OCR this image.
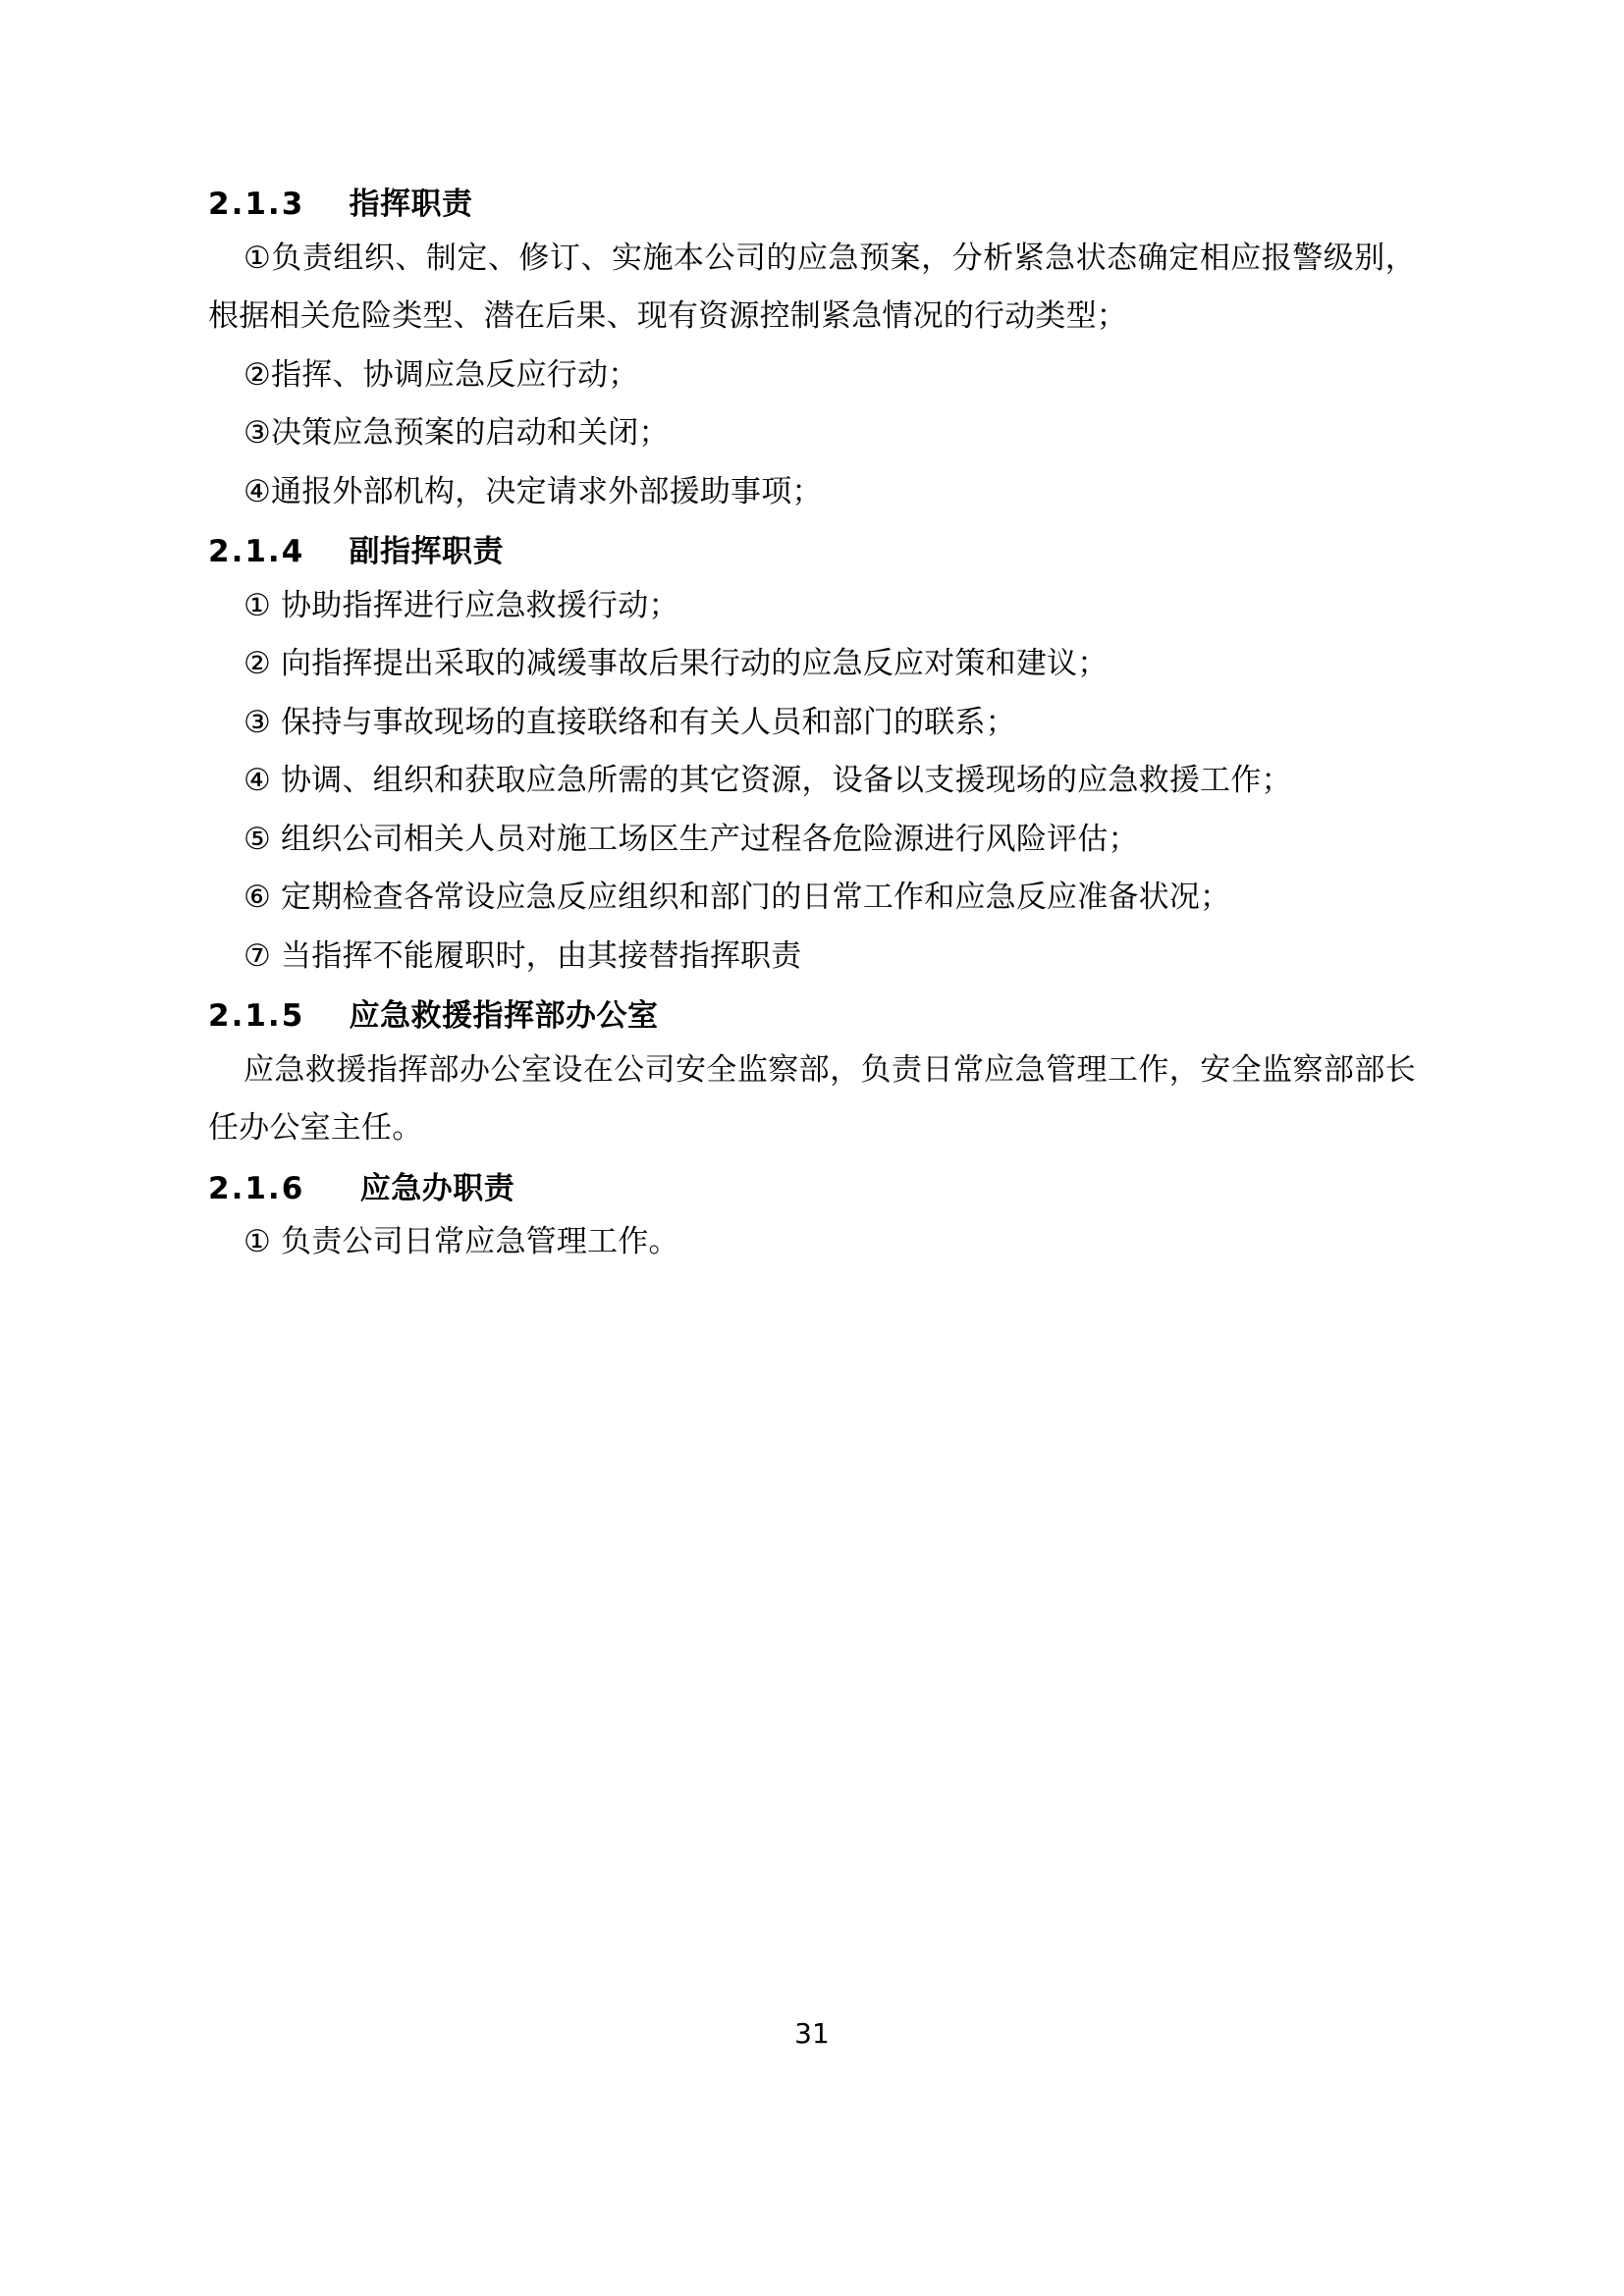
2.1.3 指挥职责

①负责组织、制定、修订、实施本公司的应急预案，分析紧急状态确定相应报警级别，根据相关危险类型、潜在后果、现有资源控制紧急情况的行动类型；

②指挥、协调应急反应行动；

③决策应急预案的启动和关闭；

④通报外部机构，决定请求外部援助事项；

2.1.4 副指挥职责

① 协助指挥进行应急救援行动；

② 向指挥提出采取的减缓事故后果行动的应急反应对策和建议；

③ 保持与事故现场的直接联络和有关人员和部门的联系；

④ 协调、组织和获取应急所需的其它资源，设备以支援现场的应急救援工作；

⑤ 组织公司相关人员对施工场区生产过程各危险源进行风险评估；

⑥ 定期检查各常设应急反应组织和部门的日常工作和应急反应准备状况；

⑦ 当指挥不能履职时，由其接替指挥职责

2.1.5 应急救援指挥部办公室

应急救援指挥部办公室设在公司安全监察部，负责日常应急管理工作，安全监察部部长任办公室主任。

2.1.6 应急办职责

① 负责公司日常应急管理工作。

31
